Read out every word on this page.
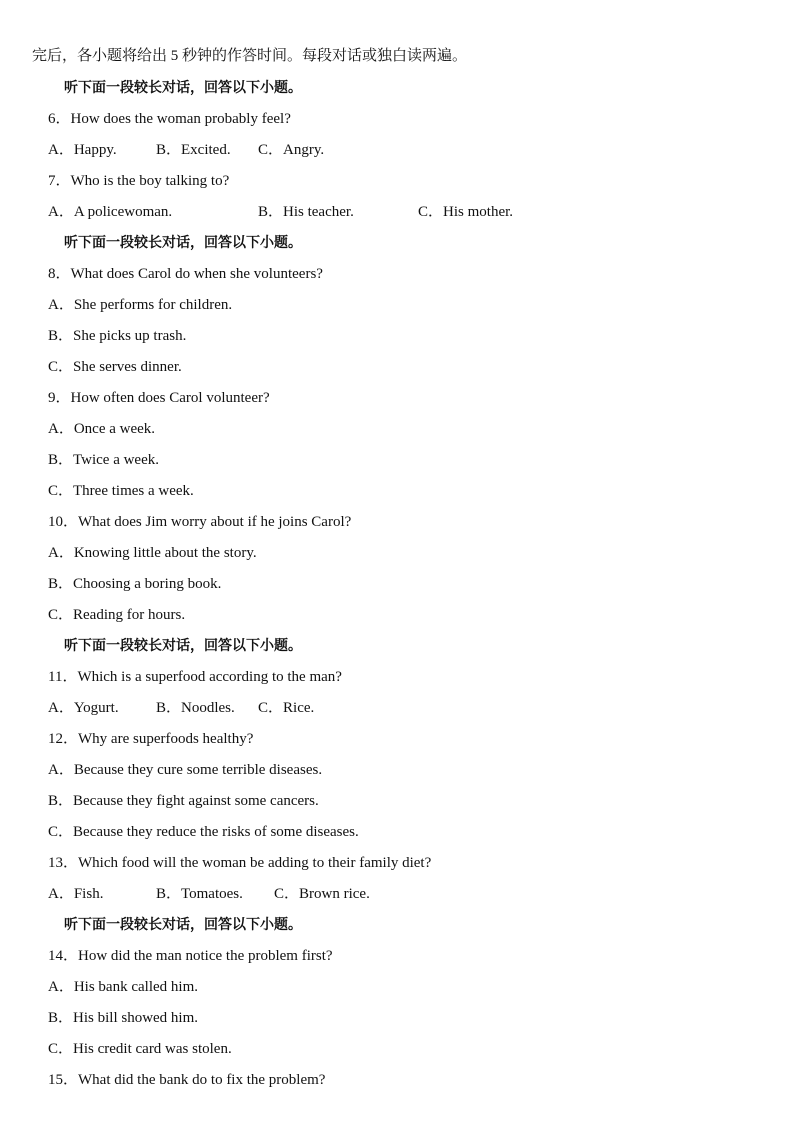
完后，各小题将给出 5 秒钟的作答时间。每段对话或独白读两遍。
听下面一段较长对话，回答以下小题。
6．How does the woman probably feel?
A．Happy.	B．Excited. C．Angry.
7．Who is the boy talking to?
A．A policewoman.	B．His teacher.	C．His mother.
听下面一段较长对话，回答以下小题。
8．What does Carol do when she volunteers?
A．She performs for children.
B．She picks up trash.
C．She serves dinner.
9．How often does Carol volunteer?
A．Once a week.
B．Twice a week.
C．Three times a week.
10．What does Jim worry about if he joins Carol?
A．Knowing little about the story.
B．Choosing a boring book.
C．Reading for hours.
听下面一段较长对话，回答以下小题。
11．Which is a superfood according to the man?
A．Yogurt. B．Noodles. C．Rice.
12．Why are superfoods healthy?
A．Because they cure some terrible diseases.
B．Because they fight against some cancers.
C．Because they reduce the risks of some diseases.
13．Which food will the woman be adding to their family diet?
A．Fish.	B．Tomatoes. C．Brown rice.
听下面一段较长对话，回答以下小题。
14．How did the man notice the problem first?
A．His bank called him.
B．His bill showed him.
C．His credit card was stolen.
15．What did the bank do to fix the problem?
